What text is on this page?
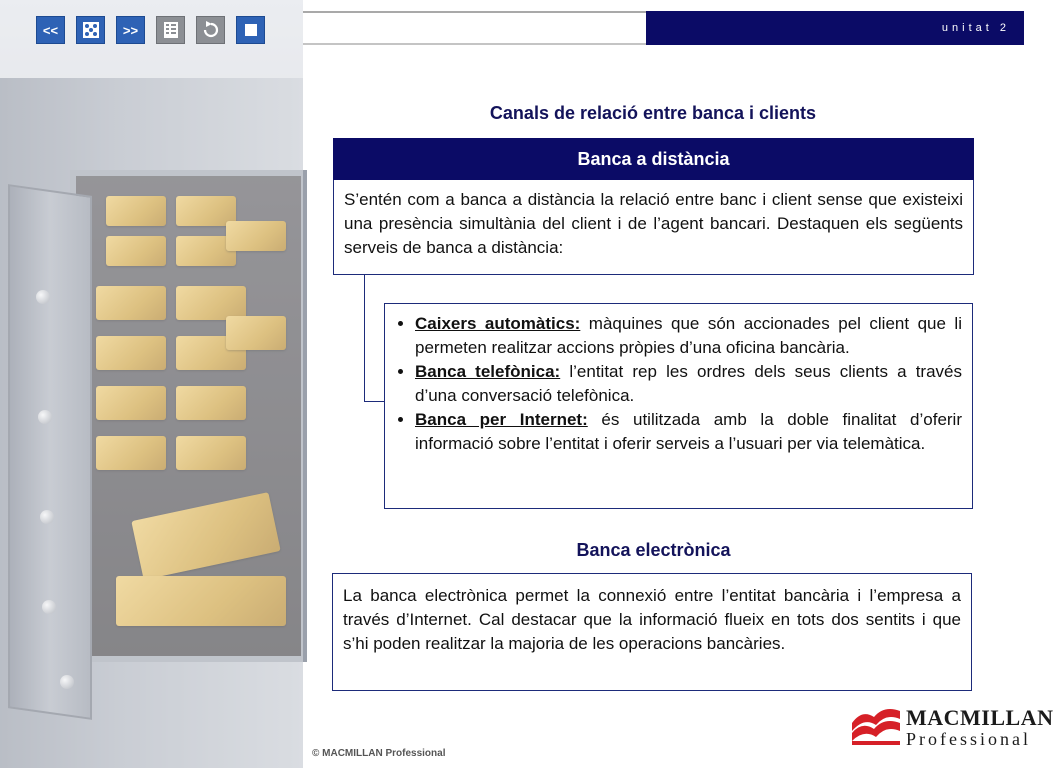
<<	>>	unitat 2
Canals de relació entre banca i clients
Banca a distància
S’entén com a banca a distància la relació entre banc i client sense que existeixi una presència simultània del client i de l’agent bancari. Destaquen els següents serveis de banca a distància:
• Caixers automàtics: màquines que són accionades pel client que li permeten realitzar accions pròpies d’una oficina bancària.
• Banca telefònica: l’entitat rep les ordres dels seus clients a través d’una conversació telefònica.
• Banca per Internet: és utilitzada amb la doble finalitat d’oferir informació sobre l’entitat i oferir serveis a l’usuari per via telemàtica.
Banca electrònica
La banca electrònica permet la connexió entre l’entitat bancària i l’empresa a través d’Internet. Cal destacar que la informació flueix en tots dos sentits i que s’hi poden realitzar la majoria de les operacions bancàries.
© MACMILLAN Professional
MACMILLAN
Professional
